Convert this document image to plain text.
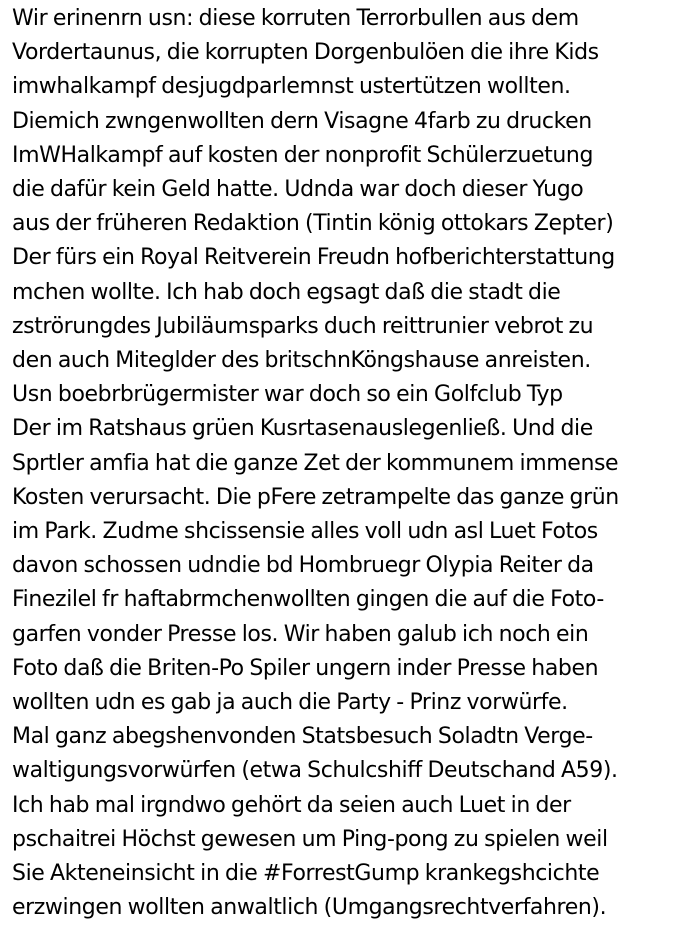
Wir erinenrn usn: diese korruten Terrorbullen aus dem
Vordertaunus, die korrupten Dorgenbulöen die ihre Kids
imwhalkampf desjugdparlemnst ustertützen wollten.
Diemich zwngenwollten dern Visagne 4farb zu drucken
ImWHalkampf auf kosten der nonprofit Schülerzuetung
die dafür kein Geld hatte. Udnda war doch dieser Yugo
aus der früheren Redaktion (Tintin könig ottokars Zepter)
Der fürs ein Royal Reitverein Freudn hofberichterstattung
mchen wollte. Ich hab doch egsagt daß die stadt die
zströrungdes Jubiläumsparks duch reittrunier vebrot zu
den auch Miteglder des britschnKöngshause anreisten.
Usn boebrbrügermister war doch so ein Golfclub Typ
Der im Ratshaus grüen Kusrtasenauslegenließ. Und die
Sprtler amfia hat die ganze Zet der kommunem immense
Kosten verursacht. Die pFere zetrampelte das ganze grün
im Park. Zudme shcissensie alles voll udn asl Luet Fotos
davon schossen udndie bd Hombruegr Olypia Reiter da
Finezilel fr haftabrmchenwollten gingen die auf die Foto-
garfen vonder Presse los. Wir haben galub ich noch ein
Foto daß die Briten-Po Spiler ungern inder Presse haben
wollten udn es gab ja auch die Party - Prinz vorwürfe.
Mal ganz abegshenvonden Statsbesuch Soladtn Verge-
waltigungsvorwürfen (etwa Schulcshiff Deutschand A59).
Ich hab mal irgndwo gehört da seien auch Luet in der
pschaitrei Höchst gewesen um Ping-pong zu spielen weil
Sie Akteneinsicht in die #ForrestGump krankegshcichte
erzwingen wollten anwaltlich (Umgangsrechtverfahren).
